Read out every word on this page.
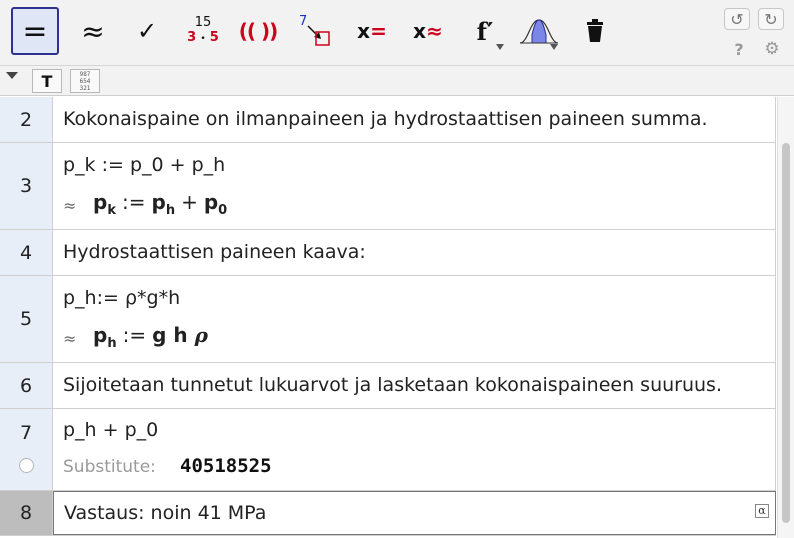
= ≈ ✓	15
3 • 5 (( )) 7 x= x≈ f′	↺ ↻
? ⚙
T	987 654 321
2	Kokonaispaine on ilmanpaineen ja hydrostaattisen paineen summa.
3
p_k := p_0 + p_h
≈ $p_k$ := $p_h + p_0$
4	Hydrostaattisen paineen kaava:
5
p_h:= ρ*g*h
≈ $p_h$ := g h ρ
6	Sijoitetaan tunnetut lukuarvot ja lasketaan kokonaispaineen suuruus.
7 p_h + p_0
Substitute: 40518525
8	Vastaus: noin 41 MPa	α
